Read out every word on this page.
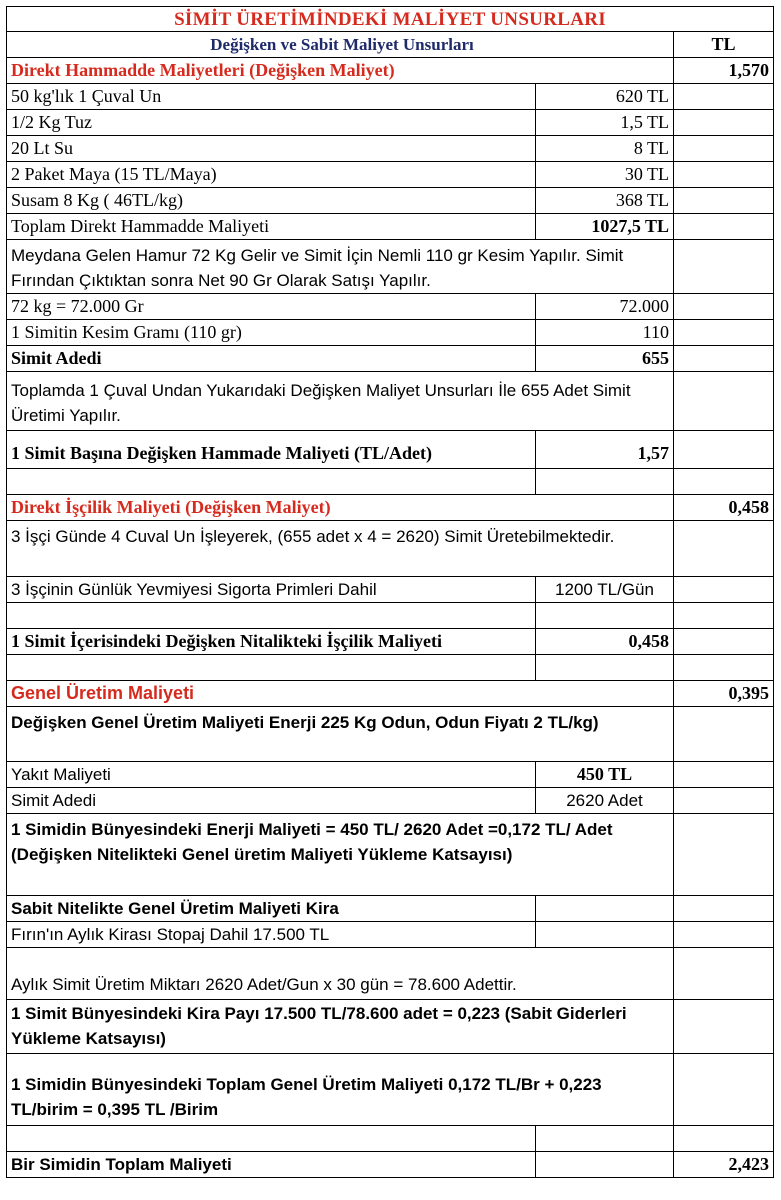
SİMİT ÜRETİMİNDEKİ MALİYET UNSURLARI
Değişken ve Sabit Maliyet Unsurları	TL
Direkt Hammadde Maliyetleri (Değişken Maliyet)	1,570
50 kg'lık 1 Çuval Un	620 TL
1/2 Kg Tuz	1,5 TL
20 Lt Su	8 TL
2 Paket Maya (15 TL/Maya)	30 TL
Susam 8 Kg ( 46TL/kg)	368 TL
Toplam Direkt Hammadde Maliyeti	1027,5 TL
Meydana Gelen Hamur 72 Kg Gelir ve Simit İçin Nemli 110 gr Kesim Yapılır. Simit Fırından Çıktıktan sonra Net 90 Gr Olarak Satışı Yapılır.
72 kg = 72.000 Gr	72.000
1 Simitin Kesim Gramı (110 gr)	110
Simit Adedi	655
Toplamda 1 Çuval Undan Yukarıdaki Değişken Maliyet Unsurları İle 655 Adet Simit Üretimi Yapılır.
1 Simit Başına Değişken Hammade Maliyeti (TL/Adet)	1,57
Direkt İşçilik Maliyeti (Değişken Maliyet)	0,458
3 İşçi Günde 4 Cuval Un İşleyerek, (655 adet x 4 = 2620) Simit Üretebilmektedir.
3 İşçinin Günlük Yevmiyesi Sigorta Primleri Dahil	1200 TL/Gün
1 Simit İçerisindeki Değişken Nitalikteki İşçilik Maliyeti	0,458
Genel Üretim Maliyeti	0,395
Değişken Genel Üretim Maliyeti Enerji 225 Kg Odun, Odun Fiyatı 2 TL/kg)
Yakıt Maliyeti	450 TL
Simit Adedi	2620 Adet
1 Simidin Bünyesindeki Enerji Maliyeti = 450 TL/ 2620 Adet =0,172 TL/ Adet (Değişken Nitelikteki Genel üretim Maliyeti Yükleme Katsayısı)
Sabit Nitelikte Genel Üretim Maliyeti Kira
Fırın'ın Aylık Kirası Stopaj Dahil 17.500 TL
Aylık Simit Üretim Miktarı 2620 Adet/Gun x 30 gün = 78.600 Adettir.
1 Simit Bünyesindeki Kira Payı 17.500 TL/78.600 adet = 0,223 (Sabit Giderleri Yükleme Katsayısı)
1 Simidin Bünyesindeki Toplam Genel Üretim Maliyeti 0,172 TL/Br + 0,223 TL/birim = 0,395 TL /Birim
Bir Simidin Toplam Maliyeti	2,423
